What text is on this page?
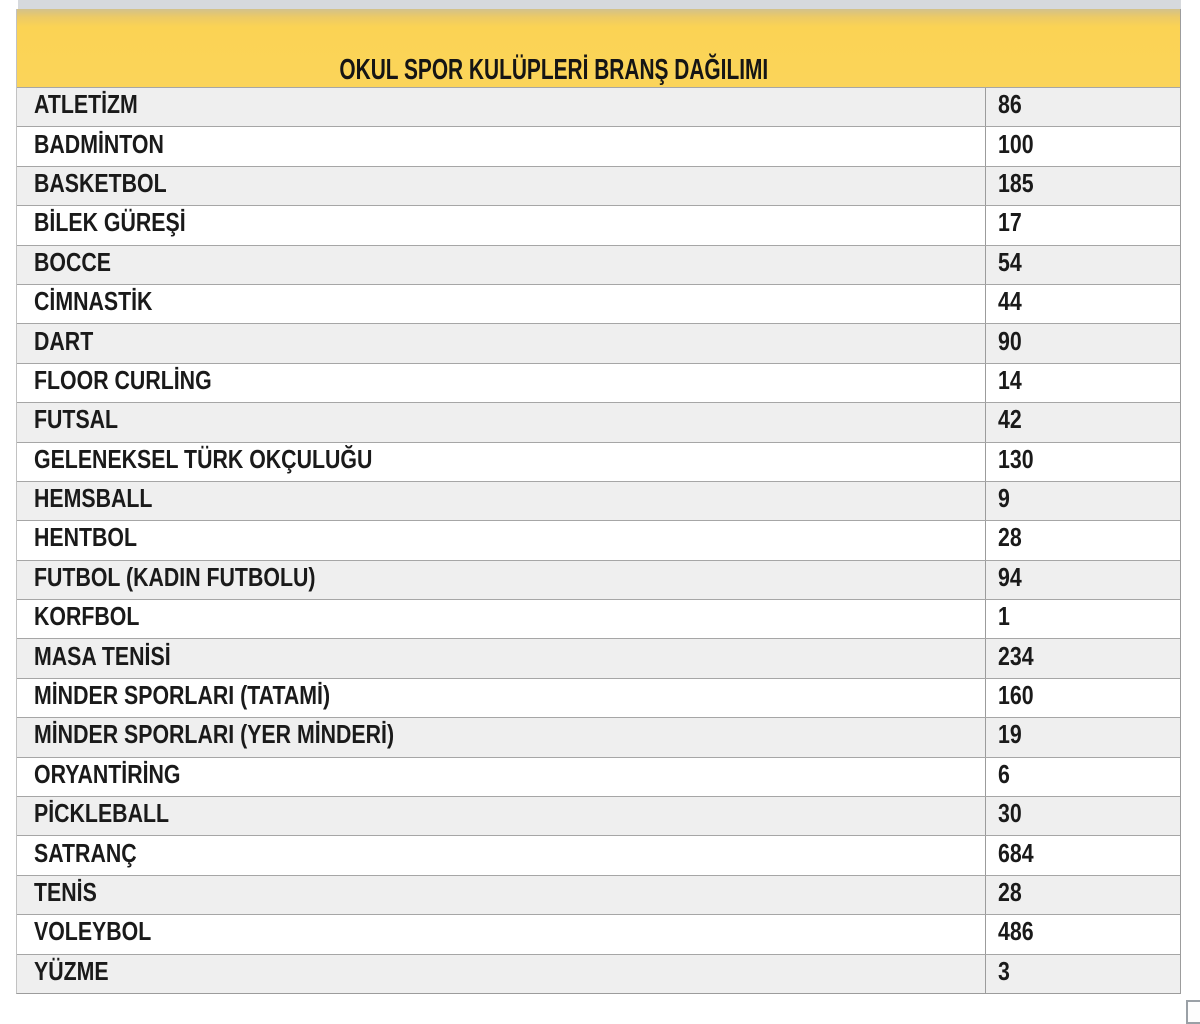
OKUL SPOR KULÜPLERİ BRANŞ DAĞILIMI
ATLETİZM	86
BADMİNTON	100
BASKETBOL	185
BİLEK GÜREŞİ	17
BOCCE	54
CİMNASTİK	44
DART	90
FLOOR CURLİNG	14
FUTSAL	42
GELENEKSEL TÜRK OKÇULUĞU	130
HEMSBALL	9
HENTBOL	28
FUTBOL (KADIN FUTBOLU)	94
KORFBOL	1
MASA TENİSİ	234
MİNDER SPORLARI (TATAMİ)	160
MİNDER SPORLARI (YER MİNDERİ)	19
ORYANTİRİNG	6
PİCKLEBALL	30
SATRANÇ	684
TENİS	28
VOLEYBOL	486
YÜZME	3
